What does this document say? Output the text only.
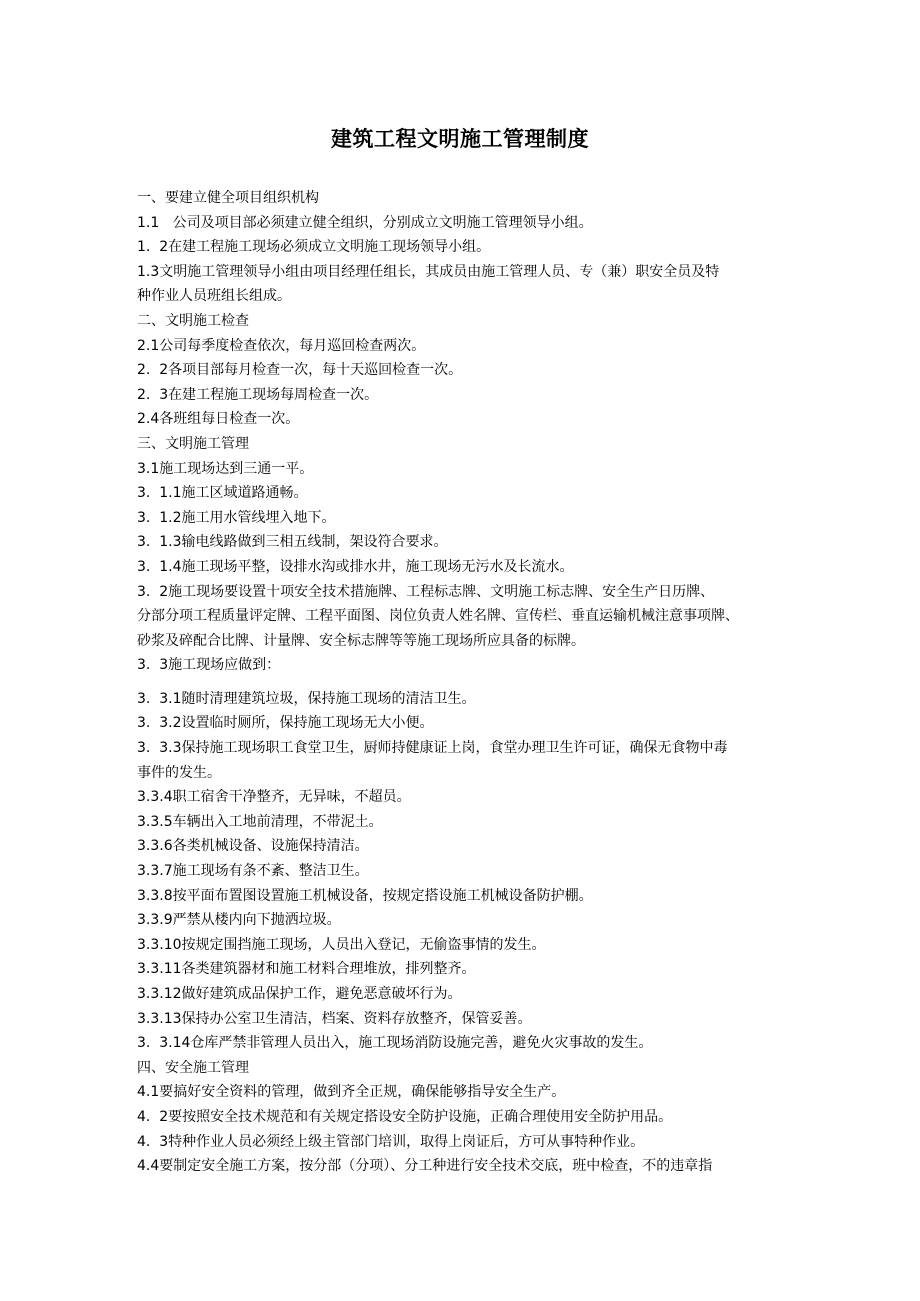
建筑工程文明施工管理制度

一、要建立健全项目组织机构

1.1   公司及项目部必须建立健全组织，分别成立文明施工管理领导小组。

1.  2在建工程施工现场必须成立文明施工现场领导小组。

1.3文明施工管理领导小组由项目经理任组长，其成员由施工管理人员、专（兼）职安全员及特

种作业人员班组长组成。

二、文明施工检查

2.1公司每季度检查依次，每月巡回检查两次。

2.  2各项目部每月检查一次，每十天巡回检查一次。

2.  3在建工程施工现场每周检查一次。

2.4各班组每日检查一次。

三、文明施工管理

3.1施工现场达到三通一平。

3.  1.1施工区域道路通畅。

3.  1.2施工用水管线埋入地下。

3.  1.3输电线路做到三相五线制，架设符合要求。

3.  1.4施工现场平整，设排水沟或排水井，施工现场无污水及长流水。

3.  2施工现场要设置十项安全技术措施牌、工程标志牌、文明施工标志牌、安全生产日历牌、

分部分项工程质量评定牌、工程平面图、岗位负责人姓名牌、宣传栏、垂直运输机械注意事项牌、

砂浆及碎配合比牌、计量牌、安全标志牌等等施工现场所应具备的标牌。

3.  3施工现场应做到：

3.  3.1随时清理建筑垃圾，保持施工现场的清洁卫生。

3.  3.2设置临时厕所，保持施工现场无大小便。

3.  3.3保持施工现场职工食堂卫生，厨师持健康证上岗，食堂办理卫生许可证，确保无食物中毒

事件的发生。

3.3.4职工宿舍干净整齐，无异味，不超员。

3.3.5车辆出入工地前清理，不带泥土。

3.3.6各类机械设备、设施保持清洁。

3.3.7施工现场有条不紊、整洁卫生。

3.3.8按平面布置图设置施工机械设备，按规定搭设施工机械设备防护棚。

3.3.9严禁从楼内向下抛洒垃圾。

3.3.10按规定围挡施工现场，人员出入登记，无偷盗事情的发生。

3.3.11各类建筑器材和施工材料合理堆放，排列整齐。

3.3.12做好建筑成品保护工作，避免恶意破坏行为。

3.3.13保持办公室卫生清洁，档案、资料存放整齐，保管妥善。

3.  3.14仓库严禁非管理人员出入，施工现场消防设施完善，避免火灾事故的发生。

四、安全施工管理

4.1要搞好安全资料的管理，做到齐全正规，确保能够指导安全生产。

4.  2要按照安全技术规范和有关规定搭设安全防护设施，正确合理使用安全防护用品。

4.  3特种作业人员必须经上级主管部门培训，取得上岗证后，方可从事特种作业。

4.4要制定安全施工方案，按分部（分项）、分工种进行安全技术交底，班中检查，不的违章指
